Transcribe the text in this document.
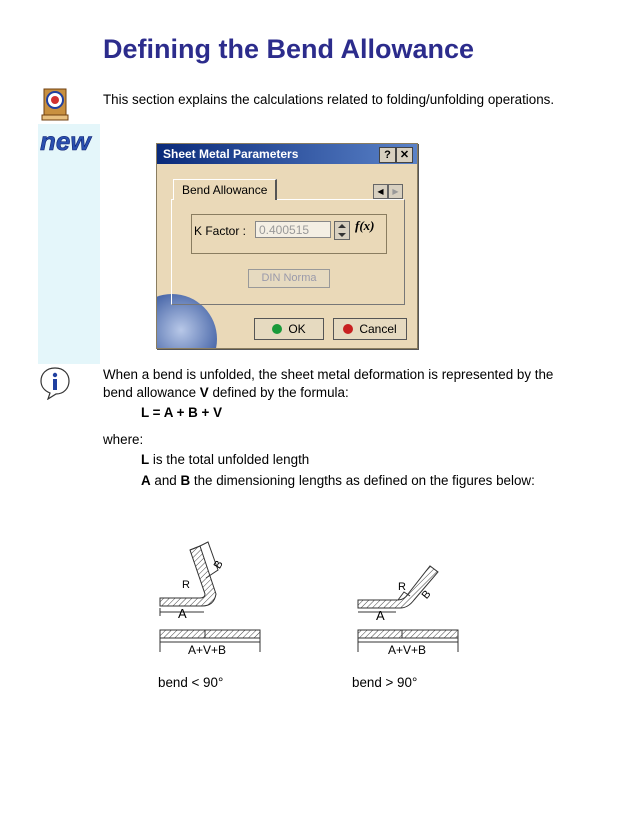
Defining the Bend Allowance
This section explains the calculations related to folding/unfolding operations.
new	Sheet Metal Parameters	? ✕
Bend Allowance	◀	▶
K Factor :	0.400515	f(x)
DIN Norma
OK	Cancel
When a bend is unfolded, the sheet metal deformation is represented by the
bend allowance V defined by the formula:
L = A + B + V
where:
L is the total unfolded length
A and B the dimensioning lengths as defined on the figures below:
A
R
B
A+V+B
A
R
B
A+V+B
bend < 90°	bend > 90°
